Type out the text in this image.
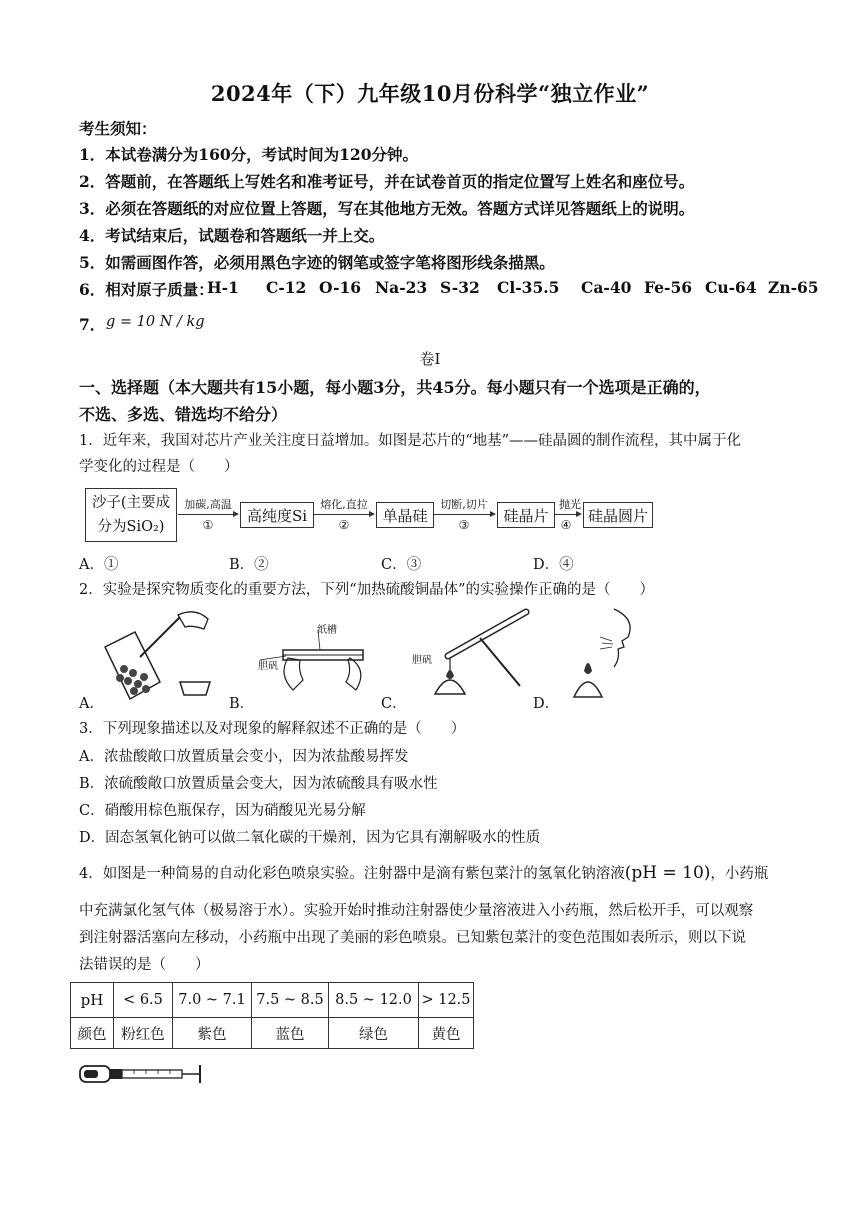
2024年（下）九年级10月份科学“独立作业”
考生须知：
1．本试卷满分为160分，考试时间为120分钟。
2．答题前，在答题纸上写姓名和准考证号，并在试卷首页的指定位置写上姓名和座位号。
3．必须在答题纸的对应位置上答题，写在其他地方无效。答题方式详见答题纸上的说明。
4．考试结束后，试题卷和答题纸一并上交。
5．如需画图作答，必须用黑色字迹的钢笔或签字笔将图形线条描黑。
6．相对原子质量：
H-1 C-12 O-16 Na-23 S-32 Cl-35.5 Ca-40 Fe-56 Cu-64 Zn-65
7． g = 10 N / kg
卷Ⅰ
一、选择题（本大题共有15小题，每小题3分，共45分。每小题只有一个选项是正确的，
不选、多选、错选均不给分）
1．近年来，我国对芯片产业关注度日益增加。如图是芯片的“地基”——硅晶圆的制作流程，其中属于化
学变化的过程是（　　）
沙子(主要成
分为SiO₂)
加碳,高温
①
高纯度Si
熔化,直拉
②
单晶硅
切断,切片
③
硅晶片
抛光
④
硅晶圆片
A．①	B．②	C．③	D．④
2．实验是探究物质变化的重要方法，下列“加热硫酸铜晶体”的实验操作正确的是（　　）
胆矾
纸槽
胆矾
A．	B．	C．	D．
3．下列现象描述以及对现象的解释叙述不正确的是（　　）
A．浓盐酸敞口放置质量会变小，因为浓盐酸易挥发
B．浓硫酸敞口放置质量会变大，因为浓硫酸具有吸水性
C．硝酸用棕色瓶保存，因为硝酸见光易分解
D．固态氢氧化钠可以做二氧化碳的干燥剂，因为它具有潮解吸水的性质
4．如图是一种简易的自动化彩色喷泉实验。注射器中是滴有紫包菜汁的氢氧化钠溶液(pH = 10)，小药瓶
中充满氯化氢气体（极易溶于水）。实验开始时推动注射器使少量溶液进入小药瓶，然后松开手，可以观察
到注射器活塞向左移动，小药瓶中出现了美丽的彩色喷泉。已知紫包菜汁的变色范围如表所示，则以下说
法错误的是（　　）
pH	< 6.5	7.0 ~ 7.1	7.5 ~ 8.5	8.5 ~ 12.0	> 12.5
颜色	粉红色	紫色	蓝色	绿色	黄色
